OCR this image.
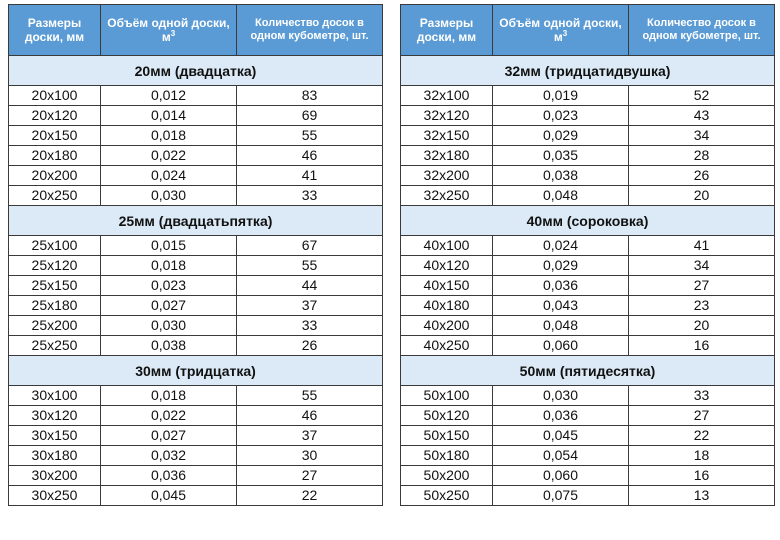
Размеры доски, мм	Объём одной доски, $м^3$	Количество досок в одном кубометре, шт.
20мм (двадцатка)		
20x100	0,012	83
20x120	0,014	69
20x150	0,018	55
20x180	0,022	46
20x200	0,024	41
20x250	0,030	33
25мм (двадцатьпятка)		
25x100	0,015	67
25x120	0,018	55
25x150	0,023	44
25x180	0,027	37
25x200	0,030	33
25x250	0,038	26
30мм (тридцатка)		
30x100	0,018	55
30x120	0,022	46
30x150	0,027	37
30x180	0,032	30
30x200	0,036	27
30x250	0,045	22
Размеры доски, мм	Объём одной доски, $м^3$	Количество досок в одном кубометре, шт.
32мм (тридцатидвушка)		
32x100	0,019	52
32x120	0,023	43
32x150	0,029	34
32x180	0,035	28
32x200	0,038	26
32x250	0,048	20
40мм (сороковка)		
40x100	0,024	41
40x120	0,029	34
40x150	0,036	27
40x180	0,043	23
40x200	0,048	20
40x250	0,060	16
50мм (пятидесятка)		
50x100	0,030	33
50x120	0,036	27
50x150	0,045	22
50x180	0,054	18
50x200	0,060	16
50x250	0,075	13
